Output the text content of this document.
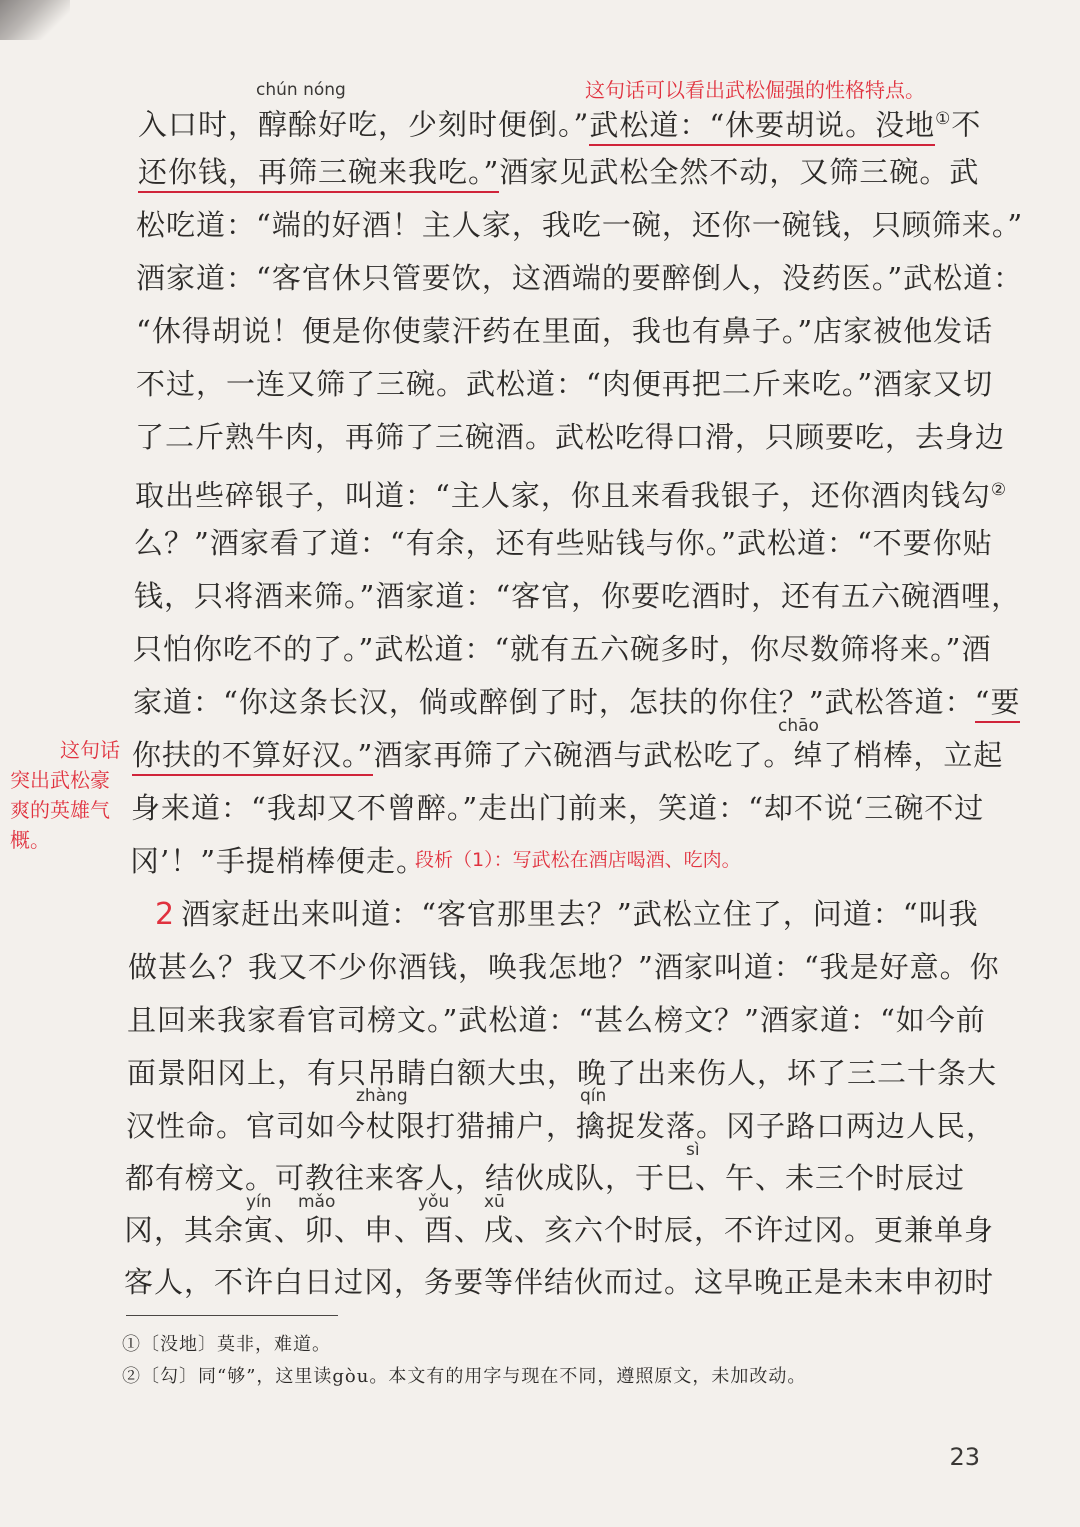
chún nóng
chāo
zhàng	qín
sì
yín mǎo	yǒu xū
这句话可以看出武松倔强的性格特点。
这句话
突出武松豪
爽的英雄气
概。
段析（1）：写武松在酒店喝酒、吃肉。
入口时，醇酴好吃，少刻时便倒。”武松道：“休要胡说。没地①不
还你钱，再筛三碗来我吃。”酒家见武松全然不动，又筛三碗。武
松吃道：“端的好酒！主人家，我吃一碗，还你一碗钱，只顾筛来。”
酒家道：“客官休只管要饮，这酒端的要醉倒人，没药医。”武松道：
“休得胡说！便是你使蒙汗药在里面，我也有鼻子。”店家被他发话
不过，一连又筛了三碗。武松道：“肉便再把二斤来吃。”酒家又切
了二斤熟牛肉，再筛了三碗酒。武松吃得口滑，只顾要吃，去身边
取出些碎银子，叫道：“主人家，你且来看我银子，还你酒肉钱勾②
么？”酒家看了道：“有余，还有些贴钱与你。”武松道：“不要你贴
钱，只将酒来筛。”酒家道：“客官，你要吃酒时，还有五六碗酒哩，
只怕你吃不的了。”武松道：“就有五六碗多时，你尽数筛将来。”酒
家道：“你这条长汉，倘或醉倒了时，怎扶的你住？”武松答道：“要
你扶的不算好汉。”酒家再筛了六碗酒与武松吃了。绰了梢棒，立起
身来道：“我却又不曾醉。”走出门前来，笑道：“却不说‘三碗不过
冈’！”手提梢棒便走。
2 酒家赶出来叫道：“客官那里去？”武松立住了，问道：“叫我
做甚么？我又不少你酒钱，唤我怎地？”酒家叫道：“我是好意。你
且回来我家看官司榜文。”武松道：“甚么榜文？”酒家道：“如今前
面景阳冈上，有只吊睛白额大虫，晚了出来伤人，坏了三二十条大
汉性命。官司如今杖限打猎捕户，擒捉发落。冈子路口两边人民，
都有榜文。可教往来客人，结伙成队，于巳、午、未三个时辰过
冈，其余寅、卯、申、酉、戌、亥六个时辰，不许过冈。更兼单身
客人，不许白日过冈，务要等伴结伙而过。这早晚正是未末申初时
①〔没地〕莫非，难道。
②〔勾〕同“够”，这里读gòu。本文有的用字与现在不同，遵照原文，未加改动。
23
